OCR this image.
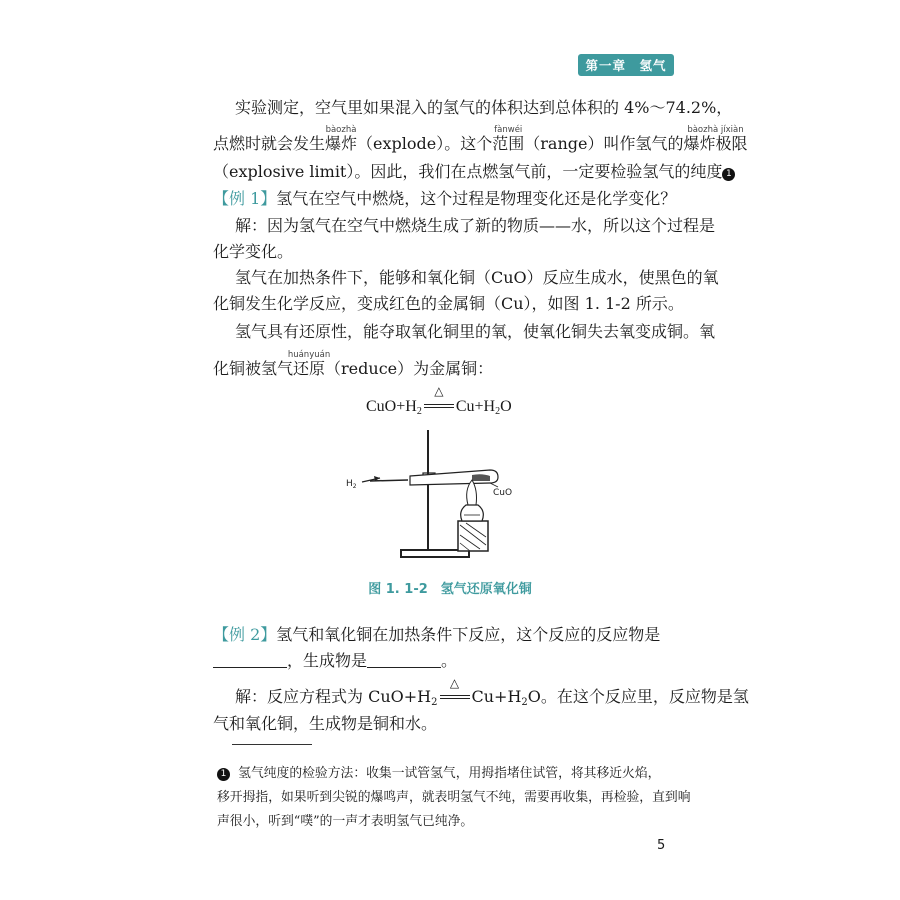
第一章　氢气
实验测定，空气里如果混入的氢气的体积达到总体积的 4%～74.2%，
点燃时就会发生
bàozhà
爆炸（explode）。这个
fànwéi
范围（range）叫作氢气的
bàozhà jíxiàn
爆炸极限
（explosive limit）。因此，我们在点燃氢气前，一定要检验氢气的纯度 1
【例 1】氢气在空气中燃烧，这个过程是物理变化还是化学变化？
解：因为氢气在空气中燃烧生成了新的物质——水，所以这个过程是
化学变化。
氢气在加热条件下，能够和氧化铜（CuO）反应生成水，使黑色的氧
化铜发生化学反应，变成红色的金属铜（Cu），如图 1. 1-2 所示。
氢气具有还原性，能夺取氧化铜里的氧，使氧化铜失去氧变成铜。氧
化铜被氢气
huányuán
还原（reduce）为金属铜：
$CuO+H_2$
△
$Cu+H_2O$
$H_2$
CuO
图 1. 1-2　氢气还原氧化铜
【例 2】氢气和氧化铜在加热条件下反应，这个反应的反应物是
，生成物是	。
解：反应方程式为 $CuO+H_2$
△
$Cu+H_2O$。在这个反应里，反应物是氢
气和氧化铜，生成物是铜和水。
1 氢气纯度的检验方法：收集一试管氢气，用拇指堵住试管，将其移近火焰，
移开拇指，如果听到尖锐的爆鸣声，就表明氢气不纯，需要再收集，再检验，直到响
声很小，听到“噗”的一声才表明氢气已纯净。
5
